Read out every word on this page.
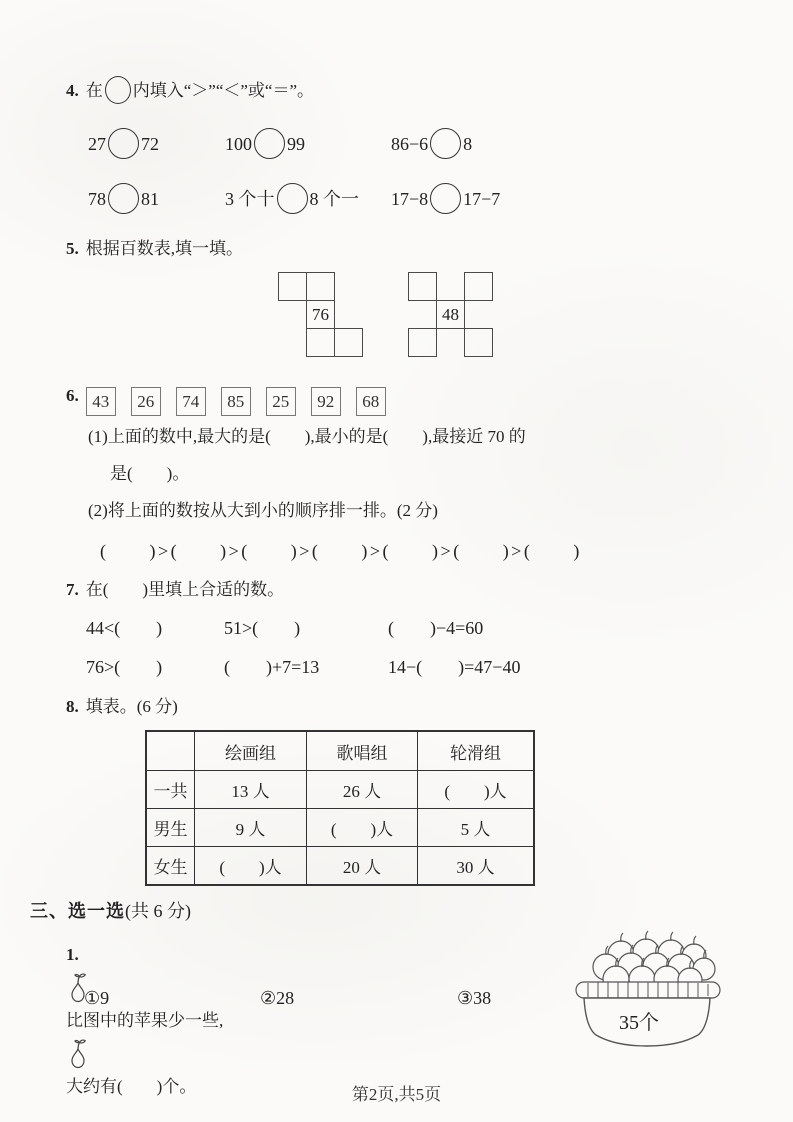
4. 在 内填入“＞”“＜”或“＝”。
27 72	100 99	86−6 8
78 81	3 个十 8 个一	17−8 17−7
5. 根据百数表,填一填。
76	48
6. 43 26 74 85 25 92 68
(1)上面的数中,最大的是(　　),最小的是(　　),最接近 70 的
是(　　)。
(2)将上面的数按从大到小的顺序排一排。(2 分)
(　　)>(　　)>(　　)>(　　)>(　　)>(　　)>(　　)
7. 在(　　)里填上合适的数。
44<(　　)	51>(　　)	(　　)−4=60
76>(　　)	(　　)+7=13	14−(　　)=47−40
8. 填表。(6 分)
	绘画组	歌唱组	轮滑组
一共	13 人	26 人	(　　)人
男生	9 人	(　　)人	5 人
女生	(　　)人	20 人	30 人
三、选一选(共 6 分)
1.
比图中的苹果少一些,
大约有(　　)个。
①9	②28	③38
35个
第2页,共5页
